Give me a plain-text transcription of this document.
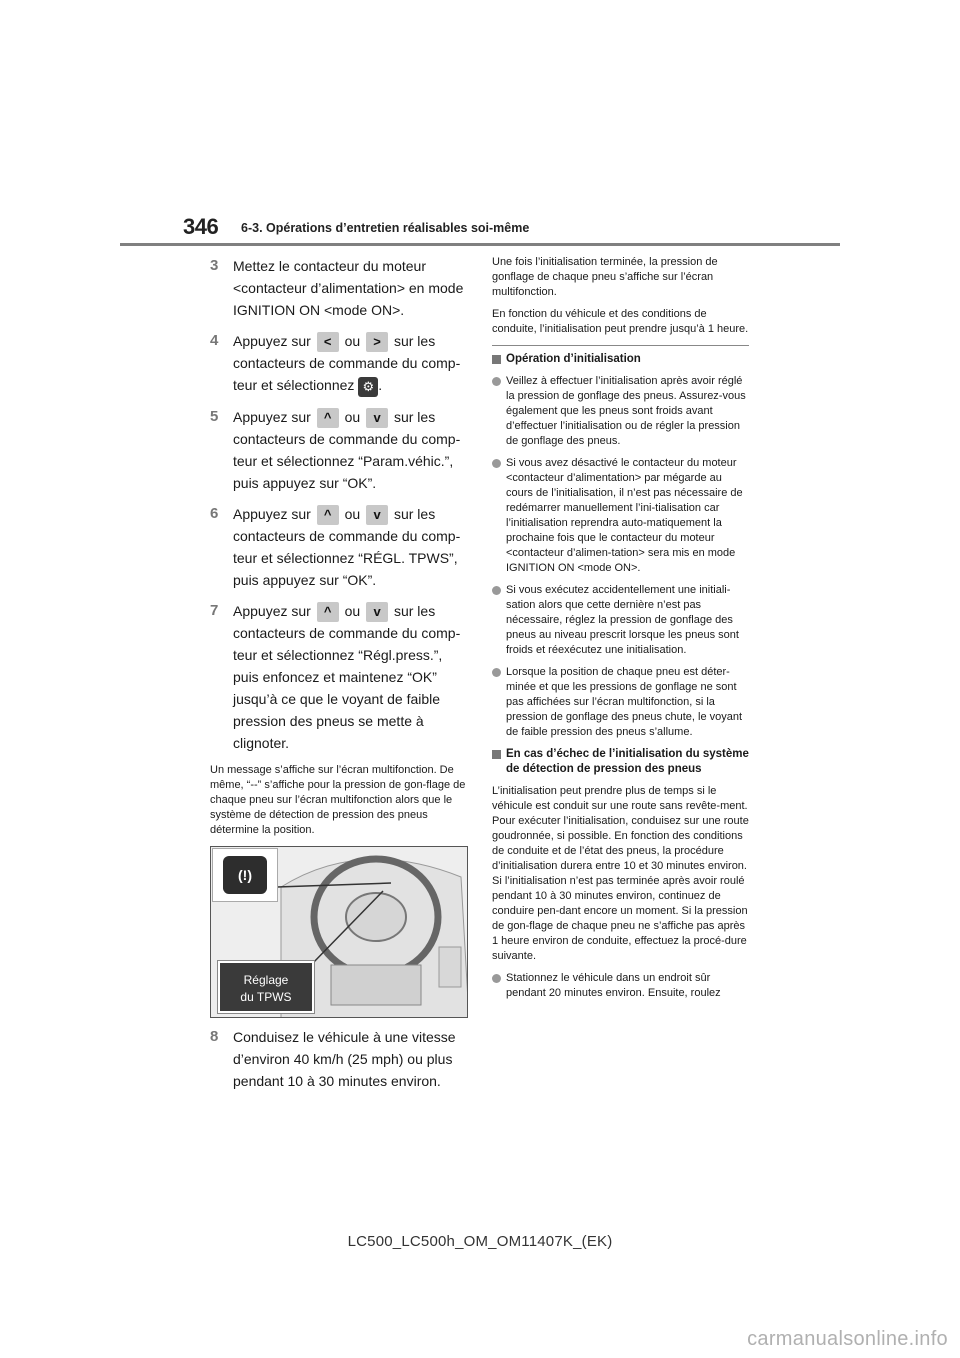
346 6-3. Opérations d’entretien réalisables soi-même
3 Mettez le contacteur du moteur <contacteur d’alimentation> en mode IGNITION ON <mode ON>.
4 Appuyez sur < ou > sur les contacteurs de commande du comp-teur et sélectionnez ⚙ .
5 Appuyez sur ^ ou v sur les contacteurs de commande du comp-teur et sélectionnez “Param.véhic.”, puis appuyez sur “OK”.
6 Appuyez sur ^ ou v sur les contacteurs de commande du comp-teur et sélectionnez “RÉGL. TPWS”, puis appuyez sur “OK”.
7 Appuyez sur ^ ou v sur les contacteurs de commande du comp-teur et sélectionnez “Régl.press.”, puis enfoncez et maintenez “OK” jusqu’à ce que le voyant de faible pression des pneus se mette à clignoter.

Un message s’affiche sur l’écran multifonction. De même, “--” s’affiche pour la pression de gon-flage de chaque pneu sur l’écran multifonction alors que le système de détection de pression des pneus détermine la position.

(!)
Réglage
du TPWS
8 Conduisez le véhicule à une vitesse d’environ 40 km/h (25 mph) ou plus pendant 10 à 30 minutes environ.

Une fois l’initialisation terminée, la pression de gonflage de chaque pneu s’affiche sur l’écran multifonction.

En fonction du véhicule et des conditions de conduite, l’initialisation peut prendre jusqu’à 1 heure.

Opération d’initialisation
Veillez à effectuer l’initialisation après avoir réglé la pression de gonflage des pneus. Assurez-vous également que les pneus sont froids avant d’effectuer l’initialisation ou de régler la pression de gonflage des pneus.
Si vous avez désactivé le contacteur du moteur <contacteur d’alimentation> par mégarde au cours de l’initialisation, il n’est pas nécessaire de redémarrer manuellement l’ini-tialisation car l’initialisation reprendra auto-matiquement la prochaine fois que le contacteur du moteur <contacteur d’alimen-tation> sera mis en mode IGNITION ON <mode ON>.
Si vous exécutez accidentellement une initiali-sation alors que cette dernière n’est pas nécessaire, réglez la pression de gonflage des pneus au niveau prescrit lorsque les pneus sont froids et réexécutez une initialisation.
Lorsque la position de chaque pneu est déter-minée et que les pressions de gonflage ne sont pas affichées sur l’écran multifonction, si la pression de gonflage des pneus chute, le voyant de faible pression des pneus s’allume.
En cas d’échec de l’initialisation du système de détection de pression des pneus

L’initialisation peut prendre plus de temps si le véhicule est conduit sur une route sans revête-ment. Pour exécuter l’initialisation, conduisez sur une route goudronnée, si possible. En fonction des conditions de conduite et de l’état des pneus, la procédure d’initialisation durera entre 10 et 30 minutes environ. Si l’initialisation n’est pas terminée après avoir roulé pendant 10 à 30 minutes environ, continuez de conduire pen-dant encore un moment. Si la pression de gon-flage de chaque pneu ne s’affiche pas après 1 heure environ de conduite, effectuez la procé-dure suivante.

Stationnez le véhicule dans un endroit sûr pendant 20 minutes environ. Ensuite, roulez
LC500_LC500h_OM_OM11407K_(EK)
carmanualsonline.info
